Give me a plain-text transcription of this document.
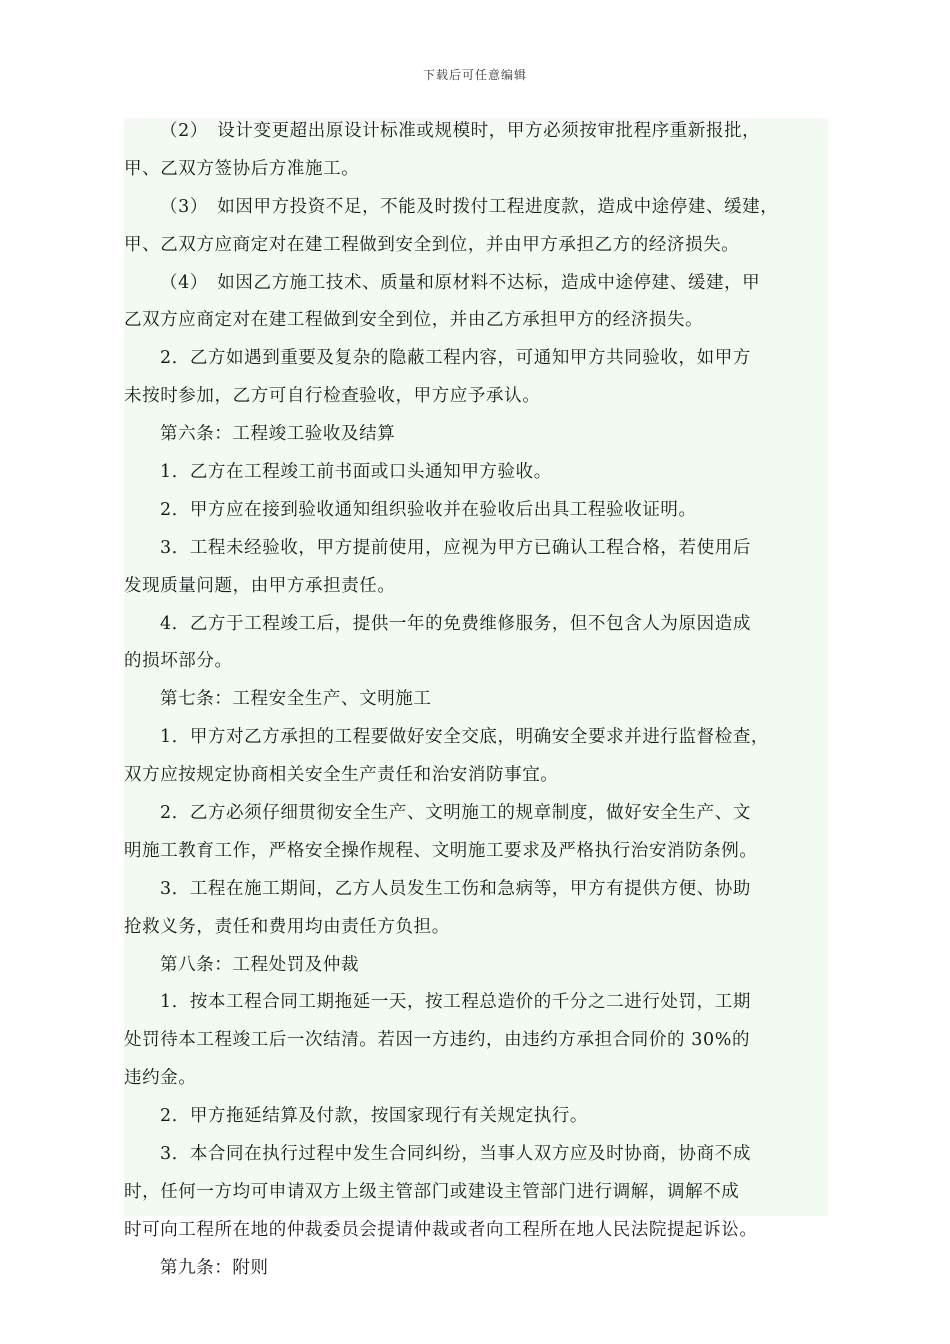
下载后可任意编辑
（2）　设计变更超出原设计标准或规模时，甲方必须按审批程序重新报批，
甲、乙双方签协后方准施工。
（3）　如因甲方投资不足，不能及时拨付工程进度款，造成中途停建、缓建，
甲、乙双方应商定对在建工程做到安全到位，并由甲方承担乙方的经济损失。
（4）　如因乙方施工技术、质量和原材料不达标，造成中途停建、缓建，甲
乙双方应商定对在建工程做到安全到位，并由乙方承担甲方的经济损失。
2．乙方如遇到重要及复杂的隐蔽工程内容，可通知甲方共同验收，如甲方
未按时参加，乙方可自行检查验收，甲方应予承认。
第六条：工程竣工验收及结算
1．乙方在工程竣工前书面或口头通知甲方验收。
2．甲方应在接到验收通知组织验收并在验收后出具工程验收证明。
3．工程未经验收，甲方提前使用，应视为甲方已确认工程合格，若使用后
发现质量问题，由甲方承担责任。
4．乙方于工程竣工后，提供一年的免费维修服务，但不包含人为原因造成
的损坏部分。
第七条：工程安全生产、文明施工
1．甲方对乙方承担的工程要做好安全交底，明确安全要求并进行监督检查，
双方应按规定协商相关安全生产责任和治安消防事宜。
2．乙方必须仔细贯彻安全生产、文明施工的规章制度，做好安全生产、文
明施工教育工作，严格安全操作规程、文明施工要求及严格执行治安消防条例。
3．工程在施工期间，乙方人员发生工伤和急病等，甲方有提供方便、协助
抢救义务，责任和费用均由责任方负担。
第八条：工程处罚及仲裁
1．按本工程合同工期拖延一天，按工程总造价的千分之二进行处罚，工期
处罚待本工程竣工后一次结清。若因一方违约，由违约方承担合同价的 30%的
违约金。
2．甲方拖延结算及付款，按国家现行有关规定执行。
3．本合同在执行过程中发生合同纠纷，当事人双方应及时协商，协商不成
时，任何一方均可申请双方上级主管部门或建设主管部门进行调解，调解不成
时可向工程所在地的仲裁委员会提请仲裁或者向工程所在地人民法院提起诉讼。
第九条：附则
